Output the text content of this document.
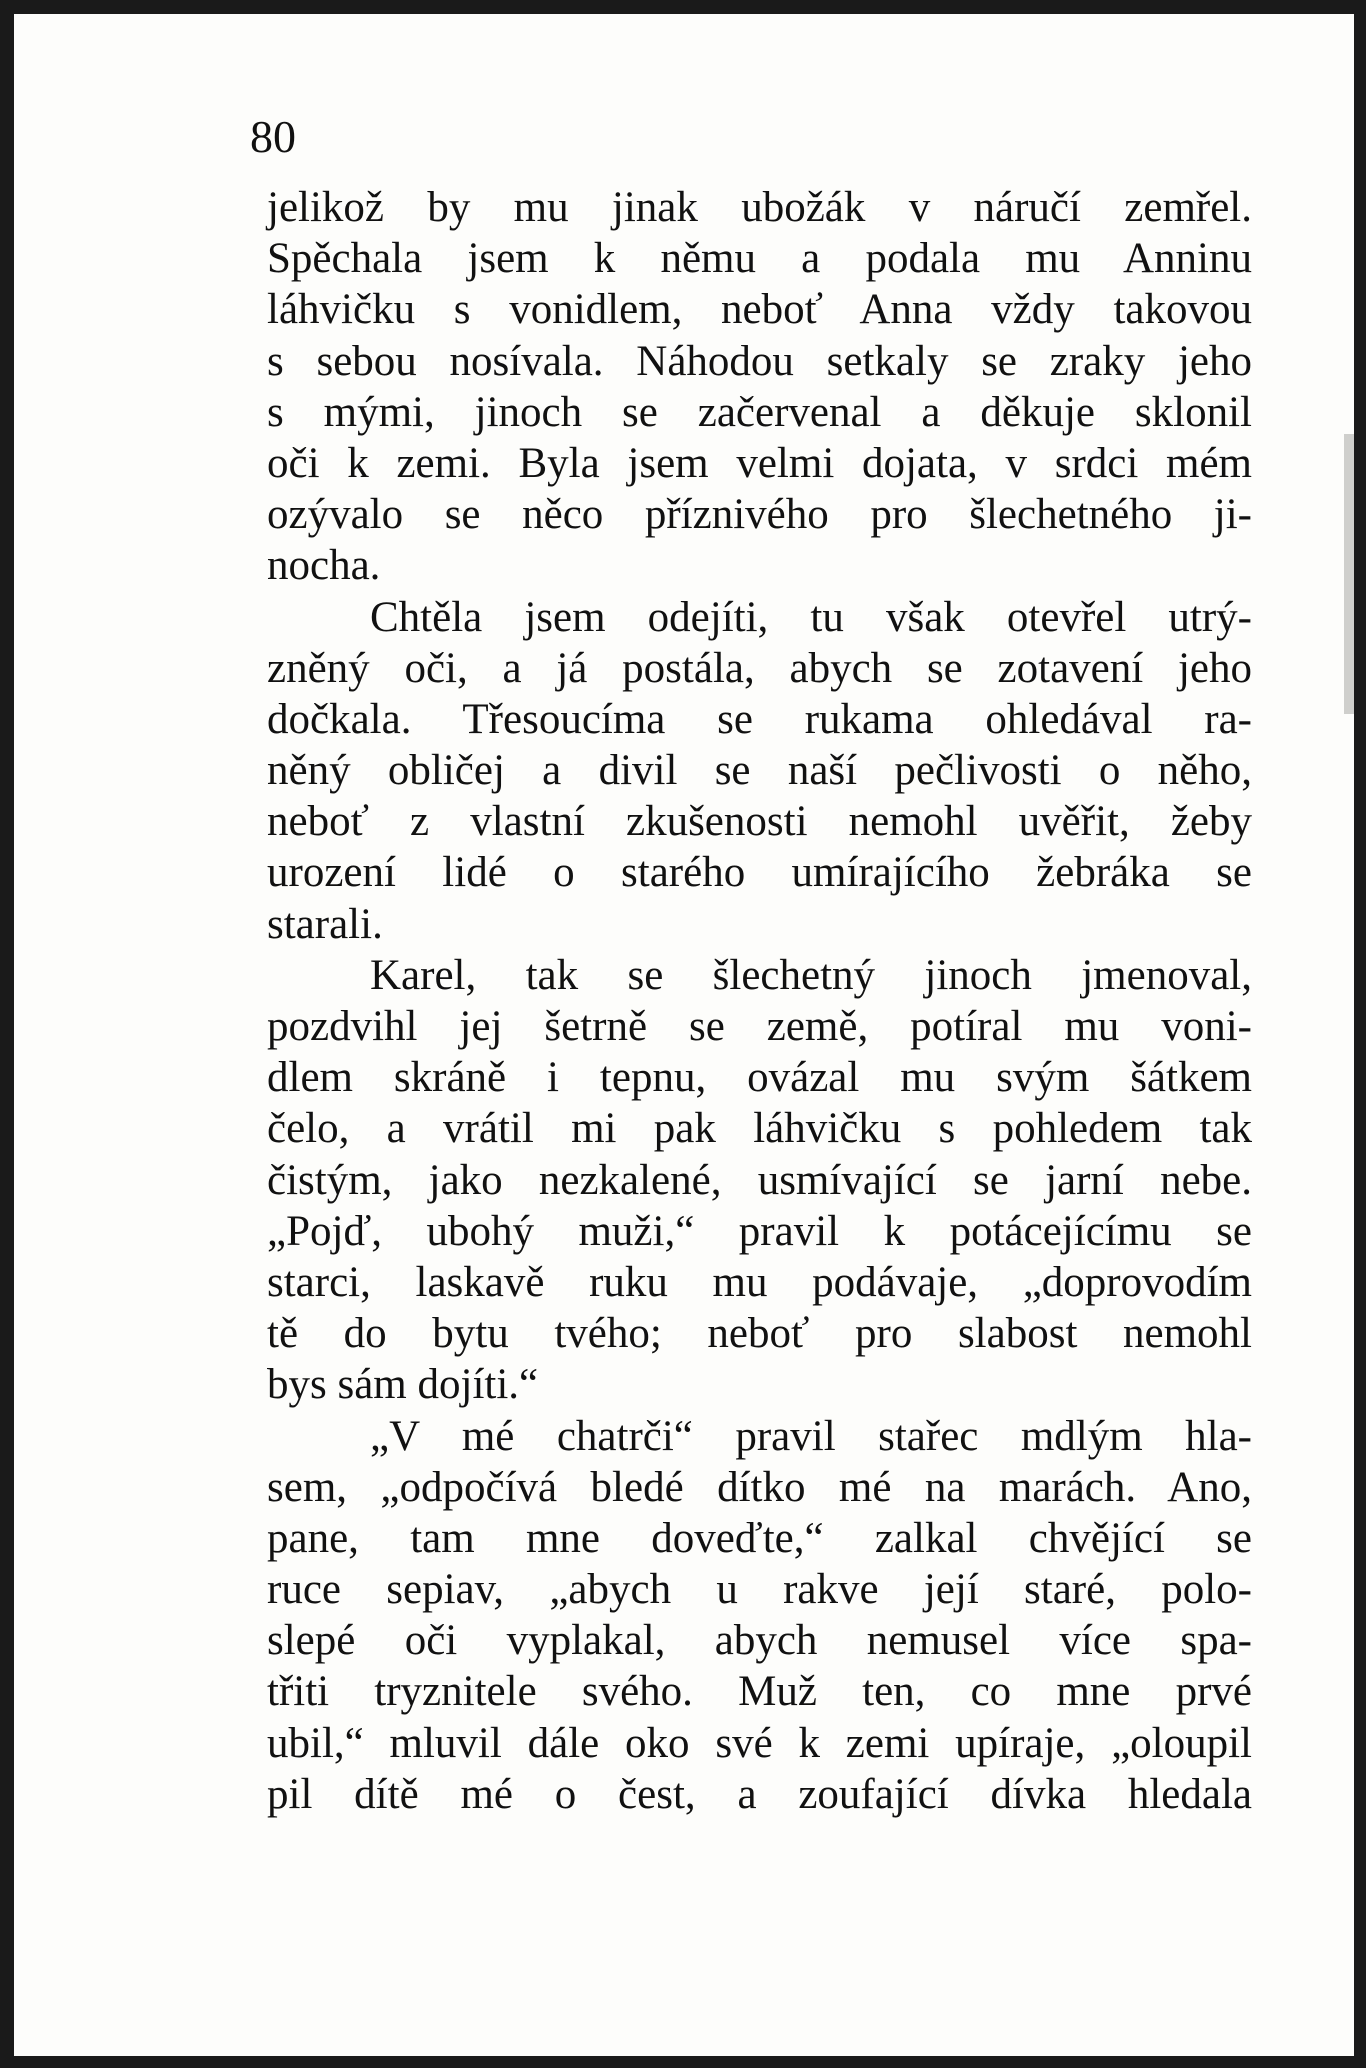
80

jelikož by mu jinak ubožák v náručí zemřel.
Spěchala jsem k němu a podala mu Anninu
láhvičku s vonidlem, neboť Anna vždy takovou
s sebou nosívala. Náhodou setkaly se zraky jeho
s mými, jinoch se začervenal a děkuje sklonil
oči k zemi. Byla jsem velmi dojata, v srdci mém
ozývalo se něco příznivého pro šlechetného ji-
nocha.
Chtěla jsem odejíti, tu však otevřel utrý-
zněný oči, a já postála, abych se zotavení jeho
dočkala. Třesoucíma se rukama ohledával ra-
něný obličej a divil se naší pečlivosti o něho,
neboť z vlastní zkušenosti nemohl uvěřit, žeby
urození lidé o starého umírajícího žebráka se
starali.
Karel, tak se šlechetný jinoch jmenoval,
pozdvihl jej šetrně se země, potíral mu voni-
dlem skráně i tepnu, ovázal mu svým šátkem
čelo, a vrátil mi pak láhvičku s pohledem tak
čistým, jako nezkalené, usmívající se jarní nebe.
„Pojď, ubohý muži,“ pravil k potácejícímu se
starci, laskavě ruku mu podávaje, „doprovodím
tě do bytu tvého; neboť pro slabost nemohl
bys sám dojíti.“
„V mé chatrči“ pravil stařec mdlým hla-
sem, „odpočívá bledé dítko mé na marách. Ano,
pane, tam mne doveďte,“ zalkal chvějící se
ruce sepiav, „abych u rakve její staré, polo-
slepé oči vyplakal, abych nemusel více spa-
třiti tryznitele svého. Muž ten, co mne prvé
ubil,“ mluvil dále oko své k zemi upíraje, „oloupil
pil dítě mé o čest, a zoufající dívka hledala
